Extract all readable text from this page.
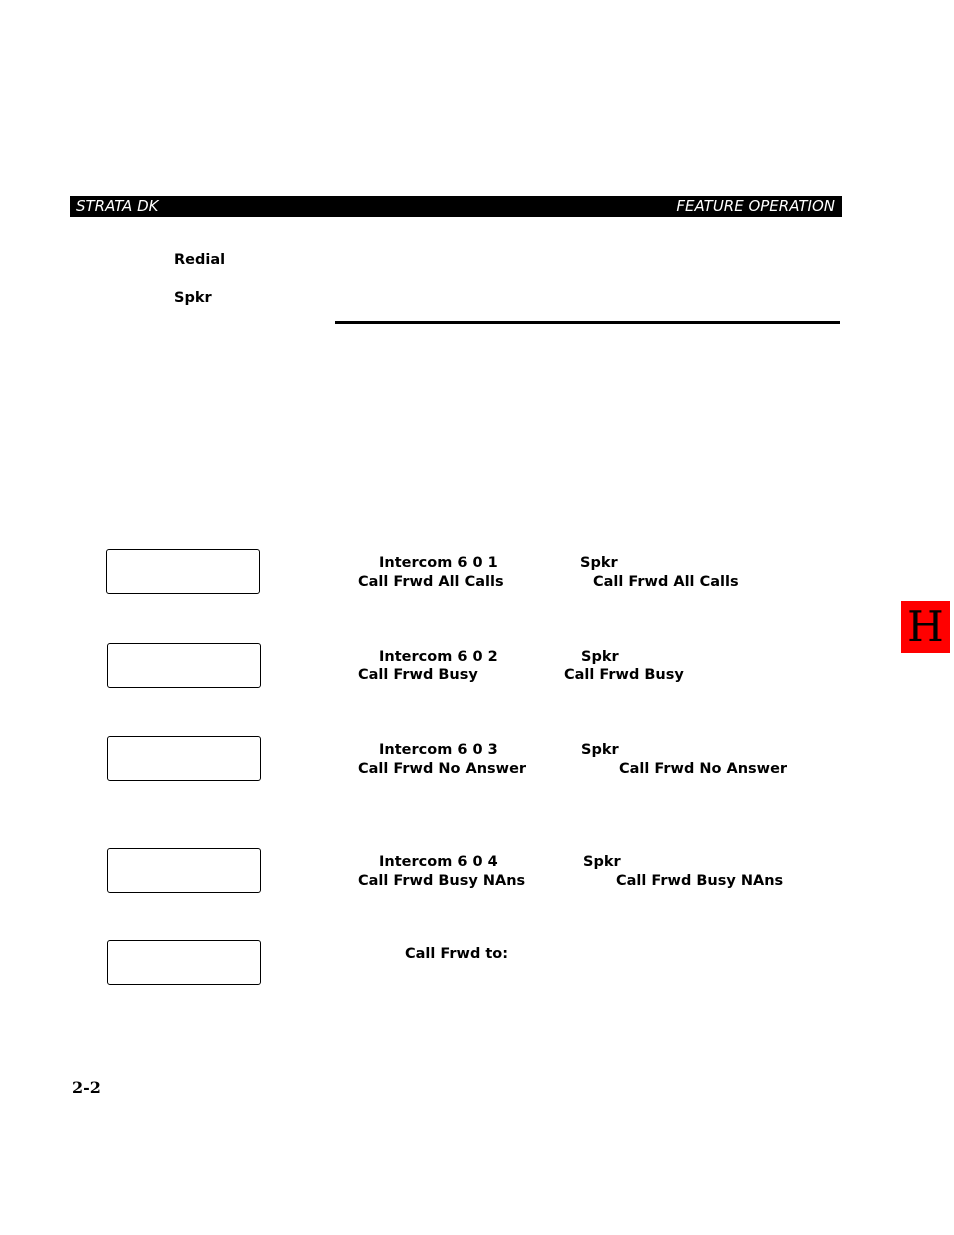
STRATA DK	FEATURE OPERATION
Redial
Spkr
Intercom 6 0 1	Spkr
Call Frwd All Calls	Call Frwd All Calls
Intercom 6 0 2	Spkr
Call Frwd Busy	Call Frwd Busy
Intercom 6 0 3	Spkr
Call Frwd No Answer	Call Frwd No Answer
Intercom 6 0 4	Spkr
Call Frwd Busy NAns	Call Frwd Busy NAns
Call Frwd to:
H
2-2
